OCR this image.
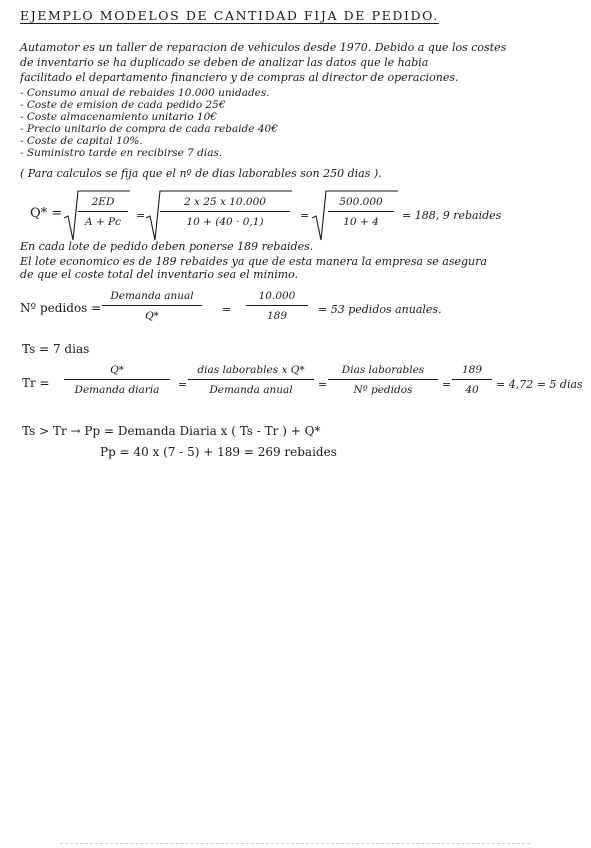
EJEMPLO MODELOS DE CANTIDAD FIJA DE PEDIDO.
Autamotor es un taller de reparacion de vehiculos desde 1970. Debido a que los costes
de inventario se ha duplicado se deben de analizar las datos que le habia
facilitado el departamento financiero y de compras al director de operaciones.
- Consumo anual de rebaides 10.000 unidades.
- Coste de emision de cada pedido 25€
- Coste almacenamiento unitario 10€
- Precio unitario de compra de cada rebaide 40€
- Coste de capital 10%.
- Suministro tarde en recibirse 7 dias.
( Para calculos se fija que el nº de dias laborables son 250 dias ).
Q* =
2ED
A + Pc	=
2 x 25 x 10.000
10 + (40 · 0,1)	=
500.000
10 + 4	= 188, 9 rebaides
En cada lote de pedido deben ponerse 189 rebaides.
El lote economico es de 189 rebaides ya que de esta manera la empresa se asegura
de que el coste total del inventario sea el minimo.
Nº pedidos =
Demanda anual
Q*	=
10.000
189	= 53 pedidos anuales.
Ts = 7 dias
Tr =
Q*
Demanda diaria	=
dias laborables x Q*
Demanda anual	=
Dias laborables
Nº pedidos	=
189
40	= 4,72 = 5 dias
Ts > Tr → Pp = Demanda Diaria x ( Ts - Tr ) + Q*
Pp = 40 x (7 - 5) + 189 = 269 rebaides
